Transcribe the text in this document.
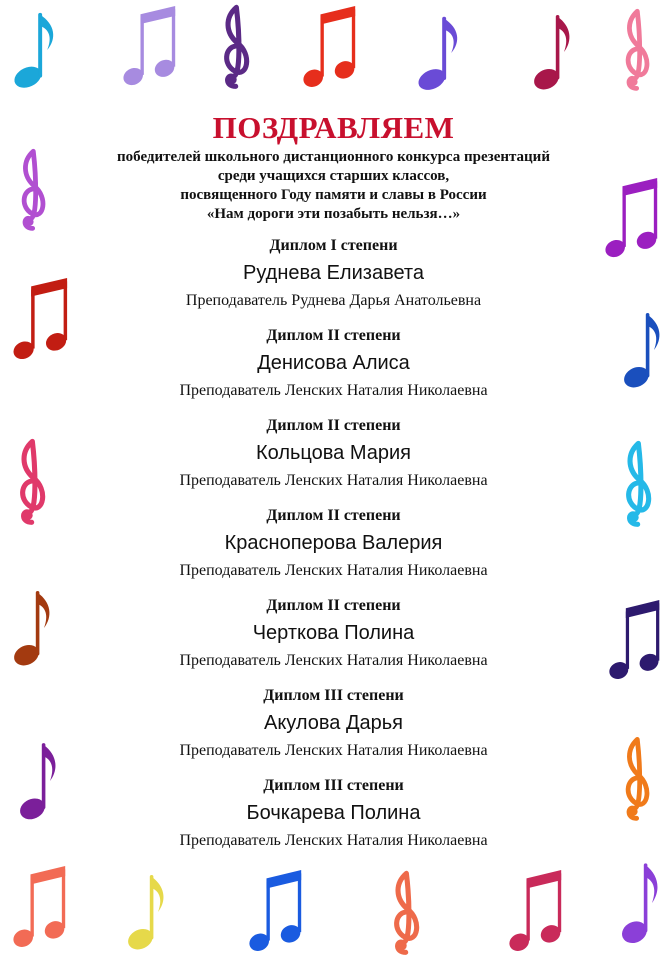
ПОЗДРАВЛЯЕМ

победителей школьного дистанционного конкурса презентаций

среди учащихся старших классов,

посвященного Году памяти и славы в России

«Нам дороги эти позабыть нельзя…»

Диплом I степени
Руднева Елизавета
Преподаватель Руднева Дарья Анатольевна
Диплом II степени
Денисова Алиса
Преподаватель Ленских Наталия Николаевна
Диплом II степени
Кольцова Мария
Преподаватель Ленских Наталия Николаевна
Диплом II степени
Красноперова Валерия
Преподаватель Ленских Наталия Николаевна
Диплом II степени
Черткова Полина
Преподаватель Ленских Наталия Николаевна
Диплом III степени
Акулова Дарья
Преподаватель Ленских Наталия Николаевна
Диплом III степени
Бочкарева Полина
Преподаватель Ленских Наталия Николаевна
